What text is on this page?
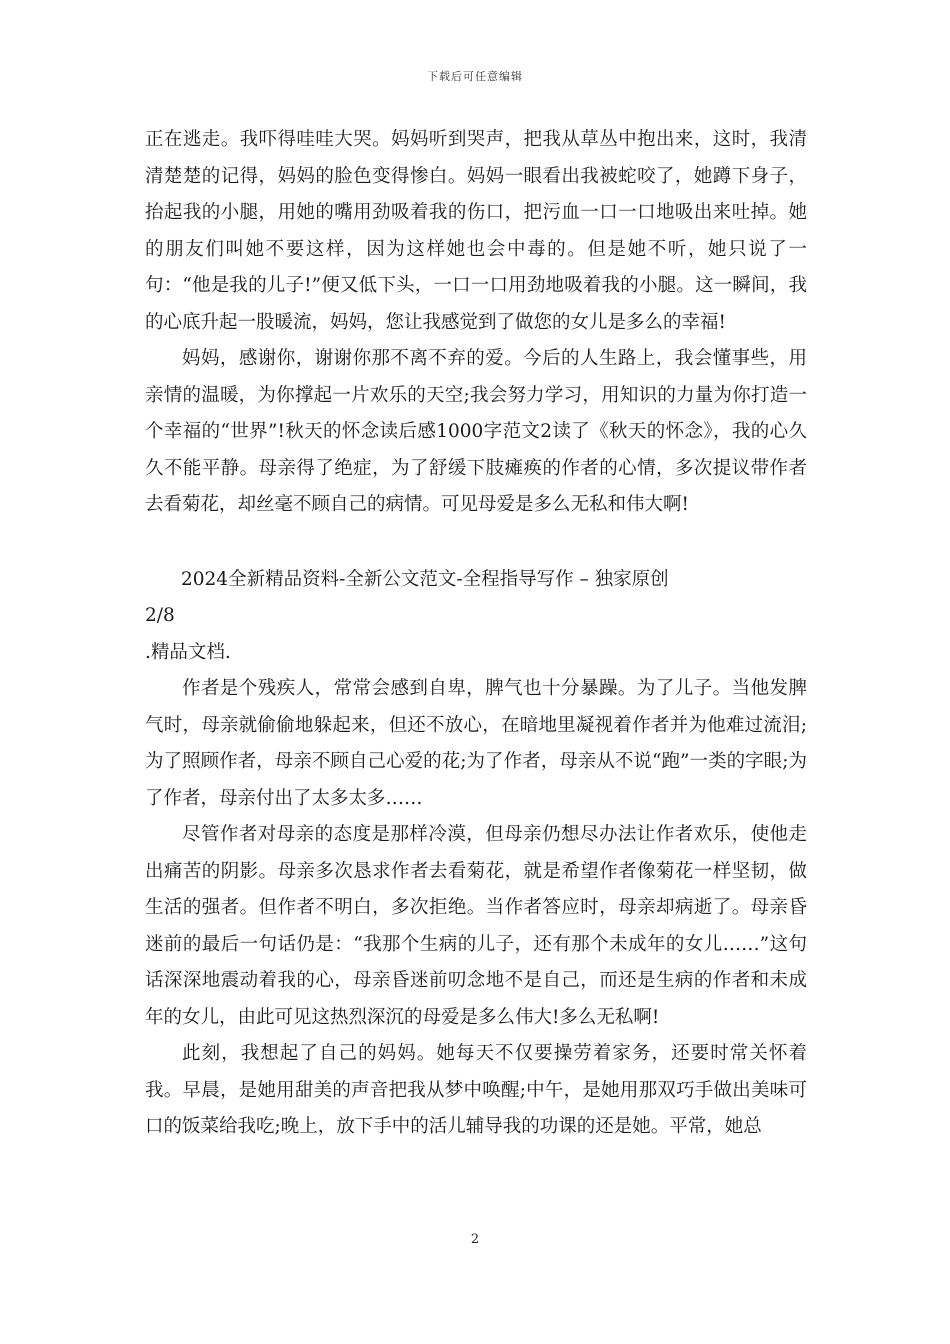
下载后可任意编辑

正在逃走。我吓得哇哇大哭。妈妈听到哭声，把我从草丛中抱出来，这时，我清清楚楚的记得，妈妈的脸色变得惨白。妈妈一眼看出我被蛇咬了，她蹲下身子，抬起我的小腿，用她的嘴用劲吸着我的伤口，把污血一口一口地吸出来吐掉。她的朋友们叫她不要这样，因为这样她也会中毒的。但是她不听，她只说了一句：“他是我的儿子!”便又低下头，一口一口用劲地吸着我的小腿。这一瞬间，我的心底升起一股暖流，妈妈，您让我感觉到了做您的女儿是多么的幸福!

妈妈，感谢你，谢谢你那不离不弃的爱。今后的人生路上，我会懂事些，用亲情的温暖，为你撑起一片欢乐的天空;我会努力学习，用知识的力量为你打造一个幸福的“世界”!秋天的怀念读后感1000字范文2读了《秋天的怀念》，我的心久久不能平静。母亲得了绝症，为了舒缓下肢瘫痪的作者的心情，多次提议带作者去看菊花，却丝毫不顾自己的病情。可见母爱是多么无私和伟大啊!

2024全新精品资料-全新公文范文-全程指导写作 – 独家原创

2/8

.精品文档.

作者是个残疾人，常常会感到自卑，脾气也十分暴躁。为了儿子。当他发脾气时，母亲就偷偷地躲起来，但还不放心，在暗地里凝视着作者并为他难过流泪;为了照顾作者，母亲不顾自己心爱的花;为了作者，母亲从不说“跑”一类的字眼;为了作者，母亲付出了太多太多……

尽管作者对母亲的态度是那样冷漠，但母亲仍想尽办法让作者欢乐，使他走出痛苦的阴影。母亲多次恳求作者去看菊花，就是希望作者像菊花一样坚韧，做生活的强者。但作者不明白，多次拒绝。当作者答应时，母亲却病逝了。母亲昏迷前的最后一句话仍是：“我那个生病的儿子，还有那个未成年的女儿……”这句话深深地震动着我的心，母亲昏迷前叨念地不是自己，而还是生病的作者和未成年的女儿，由此可见这热烈深沉的母爱是多么伟大!多么无私啊!

此刻，我想起了自己的妈妈。她每天不仅要操劳着家务，还要时常关怀着我。早晨，是她用甜美的声音把我从梦中唤醒;中午，是她用那双巧手做出美味可口的饭菜给我吃;晚上，放下手中的活儿辅导我的功课的还是她。平常，她总

2
